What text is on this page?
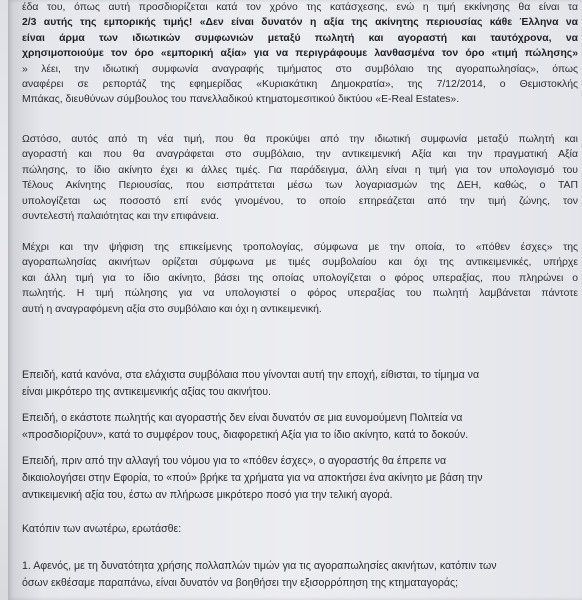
έδα του, όπως αυτή προσδιορίζεται κατά τον χρόνο της κατάσχεσης, ενώ η τιμή εκκίνησης θα είναι τα
2/3 αυτής της εμπορικής τιμής! «Δεν είναι δυνατόν η αξία της ακίνητης περιουσίας κάθε Έλληνα να
είναι άρμα των ιδιωτικών συμφωνιών μεταξύ πωλητή και αγοραστή και ταυτόχρονα, να
χρησιμοποιούμε τον όρο «εμπορική αξία» για να περιγράφουμε λανθασμένα τον όρο «τιμή πώλησης»
» λέει, την ιδιωτική συμφωνία αναγραφής τιμήματος στο συμβόλαιο της αγοραπωλησίας», όπως
αναφέρει σε ρεπορτάζ της εφημερίδας «Κυριακάτικη Δημοκρατία», της 7/12/2014, ο Θεμιστοκλής
Μπάκας, διευθύνων σύμβουλος του πανελλαδικού κτηματομεσιτικού δικτύου «E-Real Estates».
Ωστόσο, αυτός από τη νέα τιμή, που θα προκύψει από την ιδιωτική συμφωνία μεταξύ πωλητή και
αγοραστή και που θα αναγράφεται στο συμβόλαιο, την αντικειμενική Αξία και την πραγματική Αξία
πώλησης, το ίδιο ακίνητο έχει κι άλλες τιμές. Για παράδειγμα, άλλη είναι η τιμή για τον υπολογισμό του
Τέλους Ακίνητης Περιουσίας, που εισπράττεται μέσω των λογαριασμών της ΔΕΗ, καθώς, ο ΤΑΠ
υπολογίζεται ως ποσοστό επί ενός γινομένου, το οποίο επηρεάζεται από την τιμή ζώνης, τον
συντελεστή παλαιότητας και την επιφάνεια.
Μέχρι και την ψήφιση της επικείμενης τροπολογίας, σύμφωνα με την οποία, το «πόθεν έσχες» της
αγοραπωλησίας ακινήτων ορίζεται σύμφωνα με τιμές συμβολαίου και όχι της αντικειμενικές, υπήρχε
και άλλη τιμή για το ίδιο ακίνητο, βάσει της οποίας υπολογίζεται ο φόρος υπεραξίας, που πληρώνει ο
πωλητής. Η τιμή πώλησης για να υπολογιστεί ο φόρος υπεραξίας του πωλητή λαμβάνεται πάντοτε
αυτή η αναγραφόμενη αξία στο συμβόλαιο και όχι η αντικειμενική.
Επειδή, κατά κανόνα, στα ελάχιστα συμβόλαια που γίνονται αυτή την εποχή, είθισται, το τίμημα να
είναι μικρότερο της αντικειμενικής αξίας του ακινήτου.
Επειδή, ο εκάστοτε πωλητής και αγοραστής δεν είναι δυνατόν σε μια ευνομούμενη Πολιτεία να
«προσδιορίζουν», κατά το συμφέρον τους, διαφορετική Αξία για το ίδιο ακίνητο, κατά το δοκούν.
Επειδή, πριν από την αλλαγή του νόμου για το «πόθεν έσχες», ο αγοραστής θα έπρεπε να
δικαιολογήσει στην Εφορία, το «πού» βρήκε τα χρήματα για να αποκτήσει ένα ακίνητο με βάση την
αντικειμενική αξία του, έστω αν πλήρωσε μικρότερο ποσό για την τελική αγορά.
Κατόπιν των ανωτέρω, ερωτάσθε:
1. Αφενός, με τη δυνατότητα χρήσης πολλαπλών τιμών για τις αγοραπωλησίες ακινήτων, κατόπιν των
όσων εκθέσαμε παραπάνω, είναι δυνατόν να βοηθήσει την εξισορρόπηση της κτηματαγοράς;
